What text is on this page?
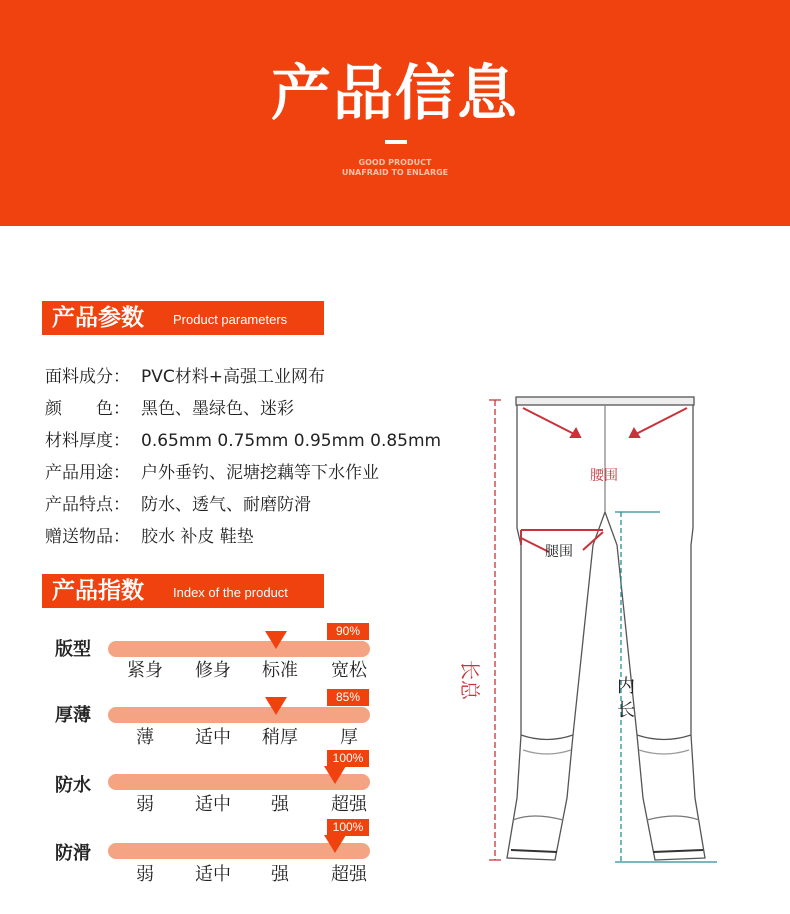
产品信息
GOOD PRODUCT
UNAFRAID TO ENLARGE
产品参数 Product parameters
面料成分： PVC材料+高强工业网布
颜　　色： 黑色、墨绿色、迷彩
材料厚度： 0.65mm 0.75mm 0.95mm 0.85mm
产品用途： 户外垂钓、泥塘挖藕等下水作业
产品特点： 防水、透气、耐磨防滑
赠送物品： 胶水 补皮 鞋垫
产品指数 Index of the product
版型
90%
紧身	修身	标准	宽松
厚薄
85%
薄	适中	稍厚	厚
防水
100%
弱	适中	强	超强
防滑
100%
弱	适中	强	超强
腰围
腿围
长总	内
长
